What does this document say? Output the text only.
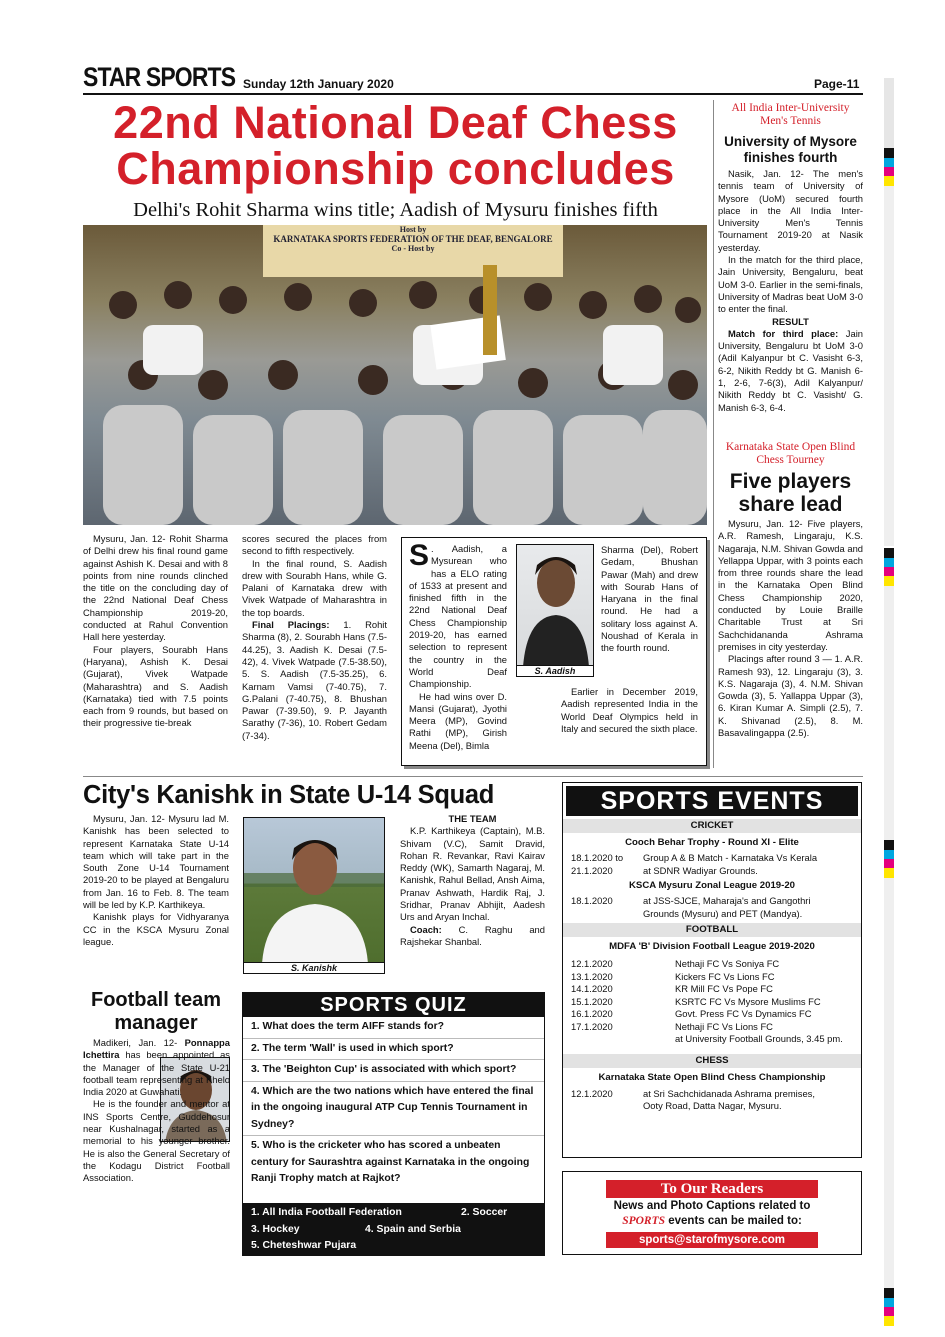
STAR SPORTS Sunday 12th January 2020	Page-11
22nd National Deaf Chess
Championship concludes
Delhi's Rohit Sharma wins title; Aadish of Mysuru finishes fifth
Host by
KARNATAKA SPORTS FEDERATION OF THE DEAF, BENGALORE
Co - Host by

Mysuru, Jan. 12- Rohit Sharma of Delhi drew his final round game against Ashish K. Desai and with 8 points from nine rounds clinched the title on the concluding day of the 22nd National Deaf Chess Championship 2019-20, conducted at Rahul Convention Hall here yesterday.

Four players, Sourabh Hans (Haryana), Ashish K. Desai (Gujarat), Vivek Watpade (Maharashtra) and S. Aadish (Karnataka) tied with 7.5 points each from 9 rounds, but based on their progressive tie-break

scores secured the places from second to fifth respectively.

In the final round, S. Aadish drew with Sourabh Hans, while G. Palani of Karnataka drew with Vivek Watpade of Maharashtra in the top boards.

Final Placings: 1. Rohit Sharma (8), 2. Sourabh Hans (7.5-44.25), 3. Aadish K. Desai (7.5-42), 4. Vivek Watpade (7.5-38.50), 5. S. Aadish (7.5-35.25), 6. Karnam Vamsi (7-40.75), 7. G.Palani (7-40.75), 8. Bhushan Pawar (7-39.50), 9. P. Jayanth Sarathy (7-36), 10. Robert Gedam (7-34).

S . Aadish, a Mysurean who has a ELO rating of 1533 at present and finished fifth in the 22nd National Deaf Chess Championship 2019-20, has earned selection to represent the country in the World Deaf Championship.

He had wins over D. Mansi (Gujarat), Jyothi Meera (MP), Govind Rathi (MP), Girish Meena (Del), Bimla

S. Aadish

Sharma (Del), Robert Gedam, Bhushan Pawar (Mah) and drew with Sourab Hans of Haryana in the final round. He had a solitary loss against A. Noushad of Kerala in the fourth round.

Earlier in December 2019, Aadish represented India in the World Deaf Olympics held in Italy and secured the sixth place.

All India Inter-University Men's Tennis
University of Mysore finishes fourth

Nasik, Jan. 12- The men's tennis team of University of Mysore (UoM) secured fourth place in the All India Inter-University Men's Tennis Tournament 2019-20 at Nasik yesterday.

In the match for the third place, Jain University, Bengaluru, beat UoM 3-0. Earlier in the semi-finals, University of Madras beat UoM 3-0 to enter the final.

RESULT

Match for third place: Jain University, Bengaluru bt UoM 3-0 (Adil Kalyanpur bt C. Vasisht 6-3, 6-2, Nikith Reddy bt G. Manish 6-1, 2-6, 7-6(3), Adil Kalyanpur/ Nikith Reddy bt C. Vasisht/ G. Manish 6-3, 6-4.

Karnataka State Open Blind Chess Tourney
Five players share lead

Mysuru, Jan. 12- Five players, A.R. Ramesh, Lingaraju, K.S. Nagaraja, N.M. Shivan Gowda and Yellappa Uppar, with 3 points each from three rounds share the lead in the Karnataka Open Blind Chess Championship 2020, conducted by Louie Braille Charitable Trust at Sri Sachchidananda Ashrama premises in city yesterday.

Placings after round 3 — 1. A.R. Ramesh 93), 12. Lingaraju (3), 3. K.S. Nagaraja (3), 4. N.M. Shivan Gowda (3), 5. Yallappa Uppar (3), 6. Kiran Kumar A. Simpli (2.5), 7. K. Shivanad (2.5), 8. M. Basavalingappa (2.5).

City's Kanishk in State U-14 Squad

Mysuru, Jan. 12- Mysuru lad M. Kanishk has been selected to represent Karnataka State U-14 team which will take part in the South Zone U-14 Tournament 2019-20 to be played at Bengaluru from Jan. 16 to Feb. 8. The team will be led by K.P. Karthikeya.

Kanishk plays for Vidhyaranya CC in the KSCA Mysuru Zonal league.

S. Kanishk

THE TEAM

K.P. Karthikeya (Captain), M.B. Shivam (V.C), Samit Dravid, Rohan R. Revankar, Ravi Kairav Reddy (WK), Samarth Nagaraj, M. Kanishk, Rahul Bellad, Ansh Aima, Pranav Ashwath, Hardik Raj, J. Sridhar, Pranav Abhijit, Aadesh Urs and Aryan Inchal.

Coach: C. Raghu and Rajshekar Shanbal.

Football team
manager

Madikeri, Jan. 12- Ponnappa Ichettira has been appointed as the Manager of the State U-21 football team representing at Khelo India 2020 at Guwahati.

He is the founder and mentor at INS Sports Centre, Guddehosur near Kushalnagar, started as a memorial to his younger brother. He is also the General Secretary of the Kodagu District Football Association.

SPORTS QUIZ
1. What does the term AIFF stands for?
2. The term 'Wall' is used in which sport?
3. The 'Beighton Cup' is associated with which sport?
4. Which are the two nations which have entered the final in the ongoing inaugural ATP Cup Tennis Tournament in Sydney?
5. Who is the cricketer who has scored a unbeaten century for Saurashtra against Karnataka in the ongoing Ranji Trophy match at Rajkot?
1. All India Football Federation	2. Soccer
3. Hockey	4. Spain and Serbia
5. Cheteshwar Pujara
SPORTS EVENTS
CRICKET
Cooch Behar Trophy - Round XI - Elite
18.1.2020 to
21.1.2020
Group A & B Match - Karnataka Vs Kerala
at SDNR Wadiyar Grounds.
KSCA Mysuru Zonal League 2019-20
18.1.2020	at JSS-SJCE, Maharaja's and Gangothri
Grounds (Mysuru) and PET (Mandya).
FOOTBALL
MDFA 'B' Division Football League 2019-2020
12.1.2020	Nethaji FC Vs Soniya FC
13.1.2020	Kickers FC Vs Lions FC
14.1.2020	KR Mill FC Vs Pope FC
15.1.2020	KSRTC FC Vs Mysore Muslims FC
16.1.2020	Govt. Press FC Vs Dynamics FC
17.1.2020	Nethaji FC Vs Lions FC
at University Football Grounds, 3.45 pm.
CHESS
Karnataka State Open Blind Chess Championship
12.1.2020	at Sri Sachchidanada Ashrama premises,
Ooty Road, Datta Nagar, Mysuru.
To Our Readers
News and Photo Captions related to
SPORTS events can be mailed to:
sports@starofmysore.com
